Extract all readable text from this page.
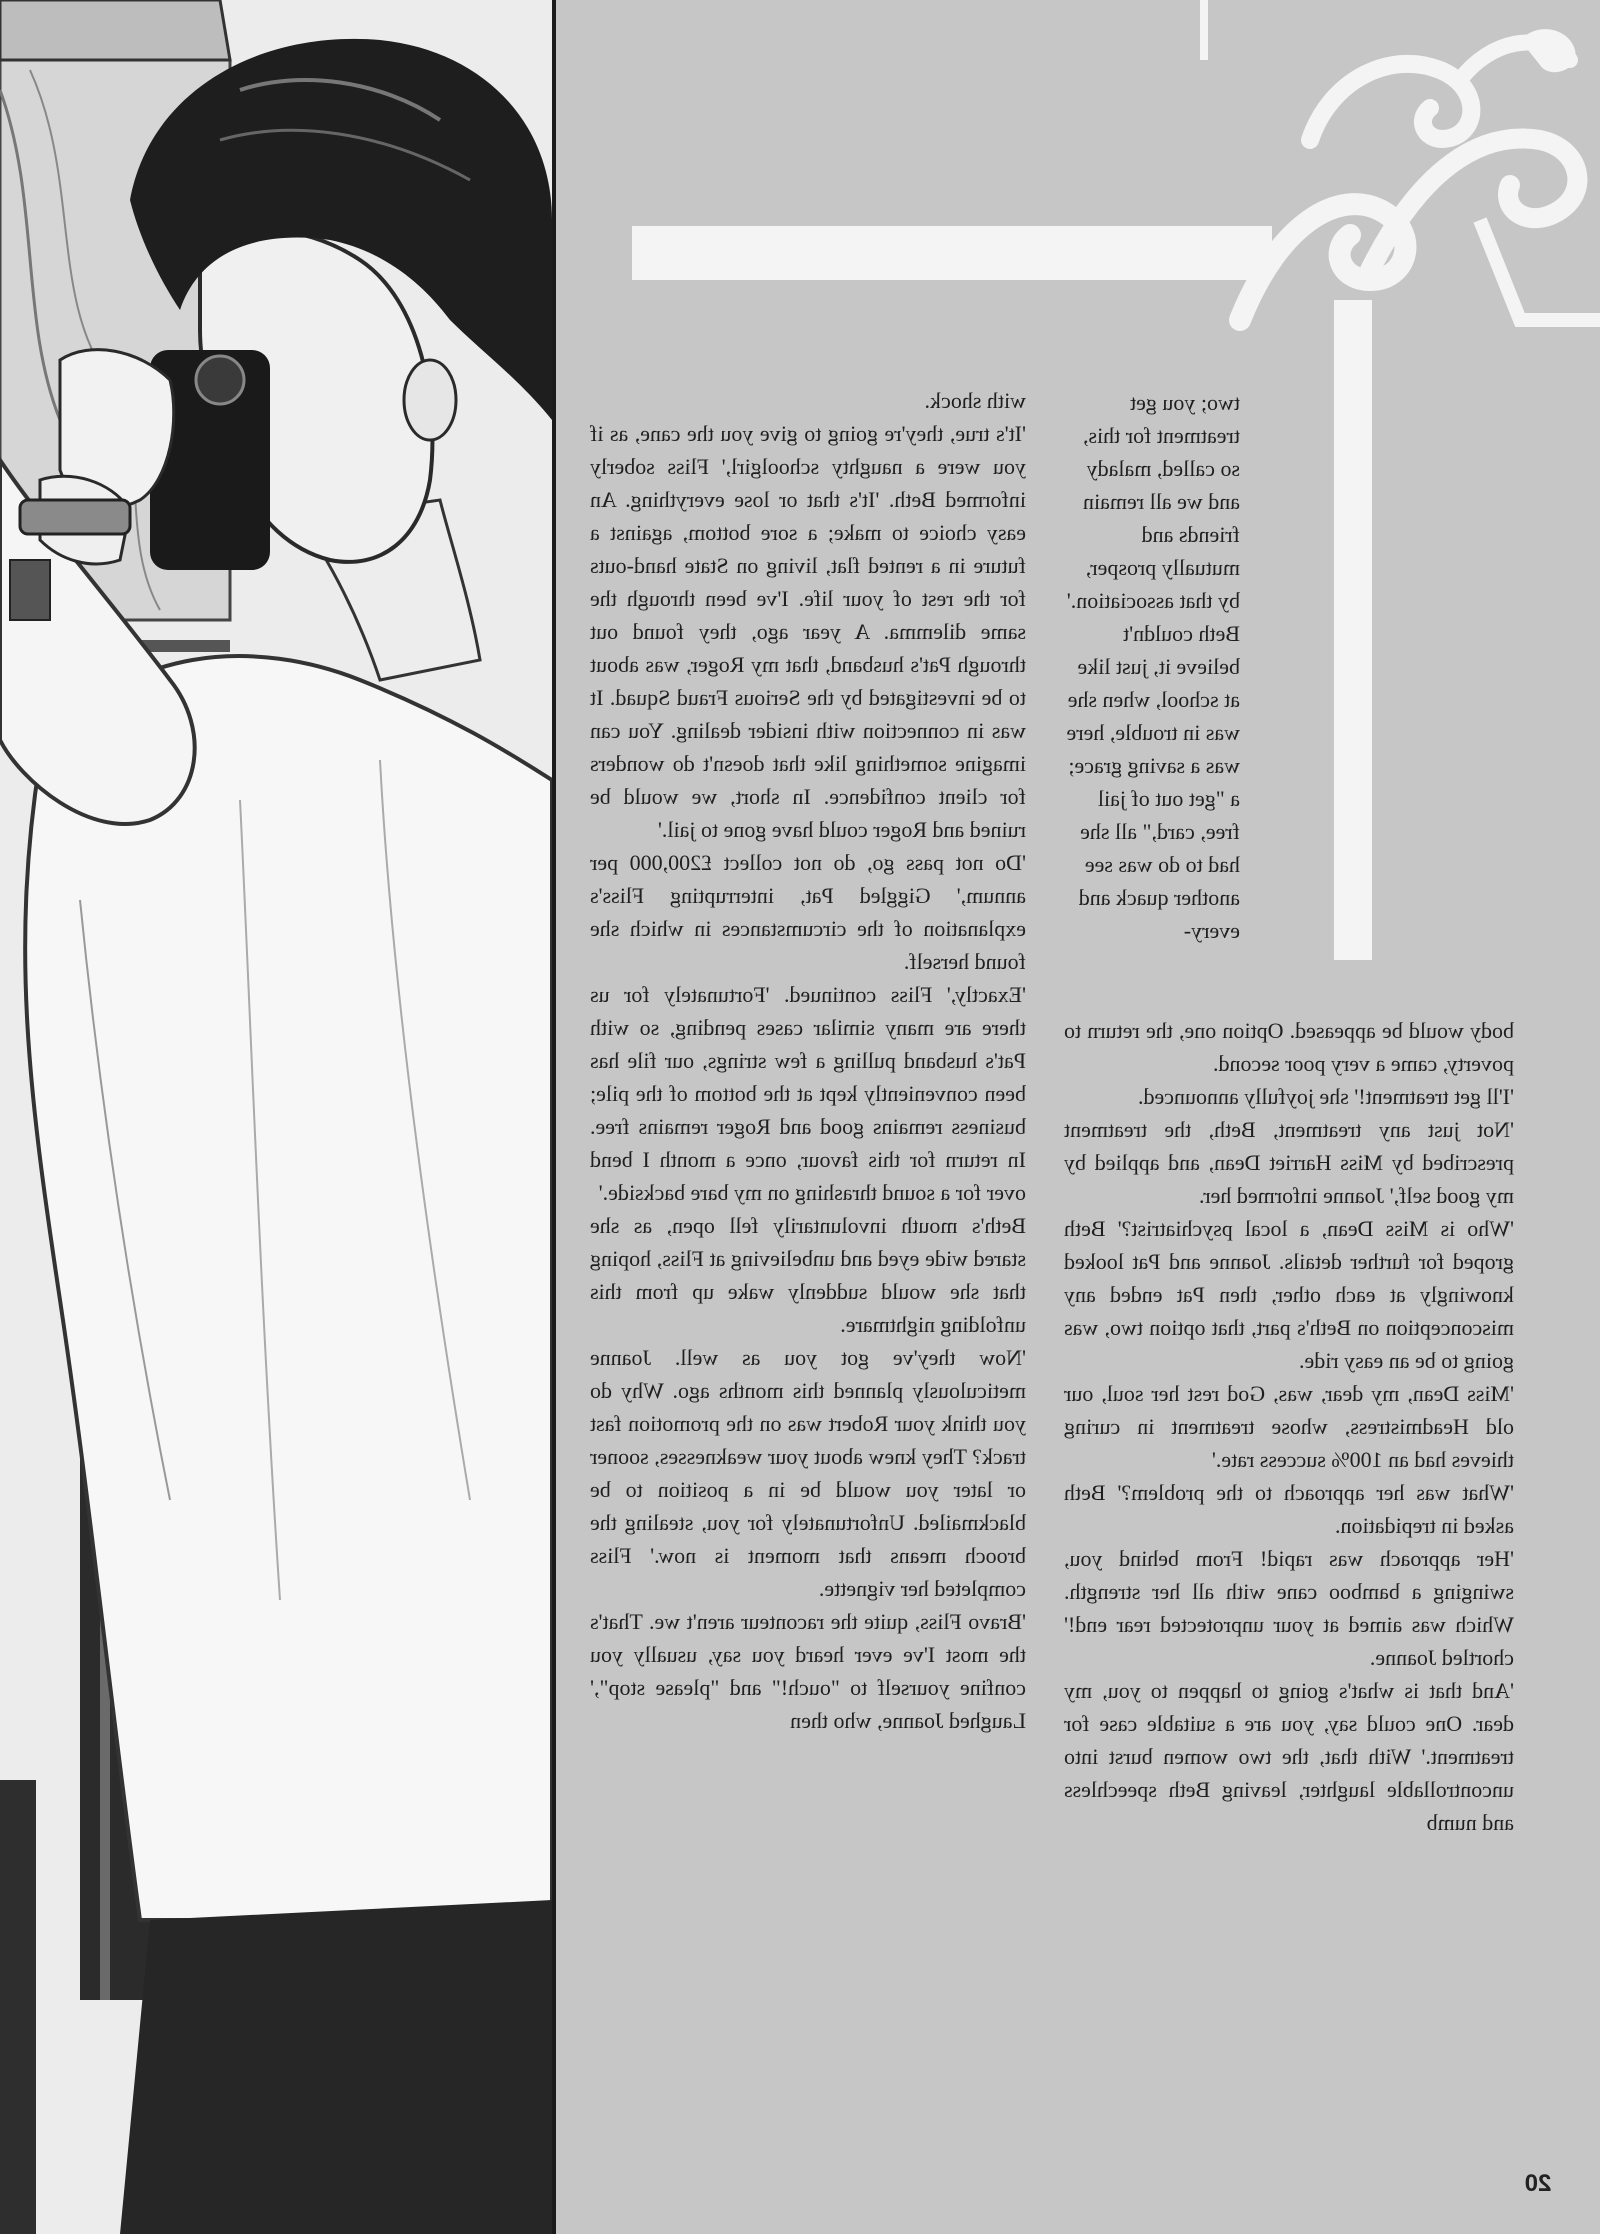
with shock.

'It's true, they're going to give you the cane, as if you were a naughty schoolgirl,' Fliss soberly informed Beth. 'It's that or lose everything. An easy choice to make; a sore bottom, against a future in a rented flat, living on State hand-outs for the rest of your life. I've been through the same dilemma. A year ago, they found out through Pat's husband, that my Roger, was about to be investigated by the Serious Fraud Squad. It was in connection with insider dealing. You can imagine something like that doesn't do wonders for client confidence. In short, we would be ruined and Roger could have gone to jail.'

'Do not pass go, do not collect £200,000 per annum,' Giggled Pat, interrupting Fliss's explanation of the circumstances in which she found herself.

'Exactly,' Fliss continued. 'Fortunately for us there are many similar cases pending, so with Pat's husband pulling a few strings, our file has been conveniently kept at the bottom of the pile; business remains good and Roger remains free. In return for this favour, once a month I bend over for a sound thrashing on my bare backside.'

Beth's mouth involuntarily fell open, as she stared wide eyed and unbelieving at Fliss, hoping that she would suddenly wake up from this unfolding nightmare.

'Now they've got you as well. Joanne meticulously planned this months ago. Why do you think your Robert was on the promotion fast track? They knew about your weaknesses, sooner or later you would be in a position to be blackmailed. Unfortunately for you, stealing the brooch means that moment is now.' Fliss completed her vignette.

'Bravo Fliss, quite the raconteur aren't we. That's the most I've ever heard you say, usually you confine yourself to "ouch!" and "please stop",' Laughed Joanne, who then

two; you get treatment for this, so called, malady and we all remain friends and mutually prosper, by that association.'

Beth couldn't believe it, just like at school, when she was in trouble, here was a saving grace; a "get out of jail free, card," all she had to do was see another quack and every-

body would be appeased. Option one, the return to poverty, came a very poor second.

'I'll get treatment!' she joyfully announced.

'Not just any treatment, Beth, the treatment prescribed by Miss Harriet Dean, and applied by my good self,' Joanne informed her.

'Who is Miss Dean, a local psychiatrist?' Beth groped for further details. Joanne and Pat looked knowingly at each other, then Pat ended any misconception on Beth's part, that option two, was going to be an easy ride.

'Miss Dean, my dear, was, God rest her soul, our old Headmistress, whose treatment in curing thieves had an 100% success rate.'

'What was her approach to the problem?' Beth asked in trepidation.

'Her approach was rapid! From behind you, swinging a bamboo cane with all her strength. Which was aimed at your unprotected rear end!' chortled Joanne.

'And that is what's going to happen to you, my dear. One could say, you are a suitable case for treatment.' With that, the two women burst into uncontrollable laughter, leaving Beth speechless and numb

20
